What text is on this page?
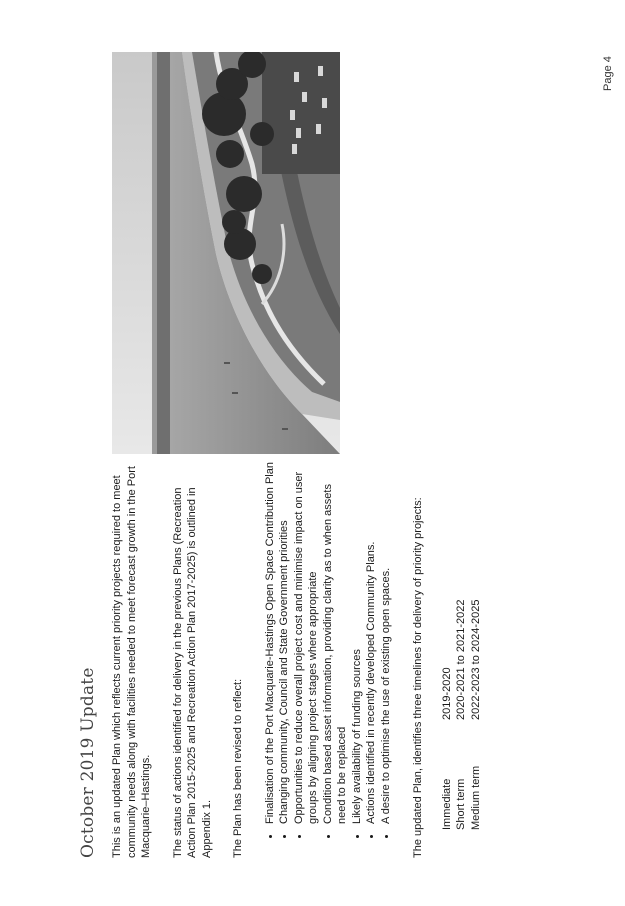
Page 4
October 2019 Update This is an updated Plan which reflects current priority projects required to meet community needs along with facilities needed to meet forecast growth in the Port Macquarie–Hastings. The status of actions identified for delivery in the previous Plans (Recreation Action Plan 2015-2025 and Recreation Action Plan 2017-2025) is outlined in Appendix 1. The Plan has been revised to reflect: • Finalisation of the Port Macquarie-Hastings Open Space Contribution Plan • Changing community, Council and State Government priorities • Opportunities to reduce overall project cost and minimise impact on user groups by aligning project stages where appropriate • Condition based asset information, providing clarity as to when assets need to be replaced • Likely availability of funding sources • Actions identified in recently developed Community Plans. • A desire to optimise the use of existing open spaces. The updated Plan, identifies three timelines for delivery of priority projects: Immediate	2019-2020
Short term	2020-2021 to 2021-2022
Medium term	2022-2023 to 2024-2025
